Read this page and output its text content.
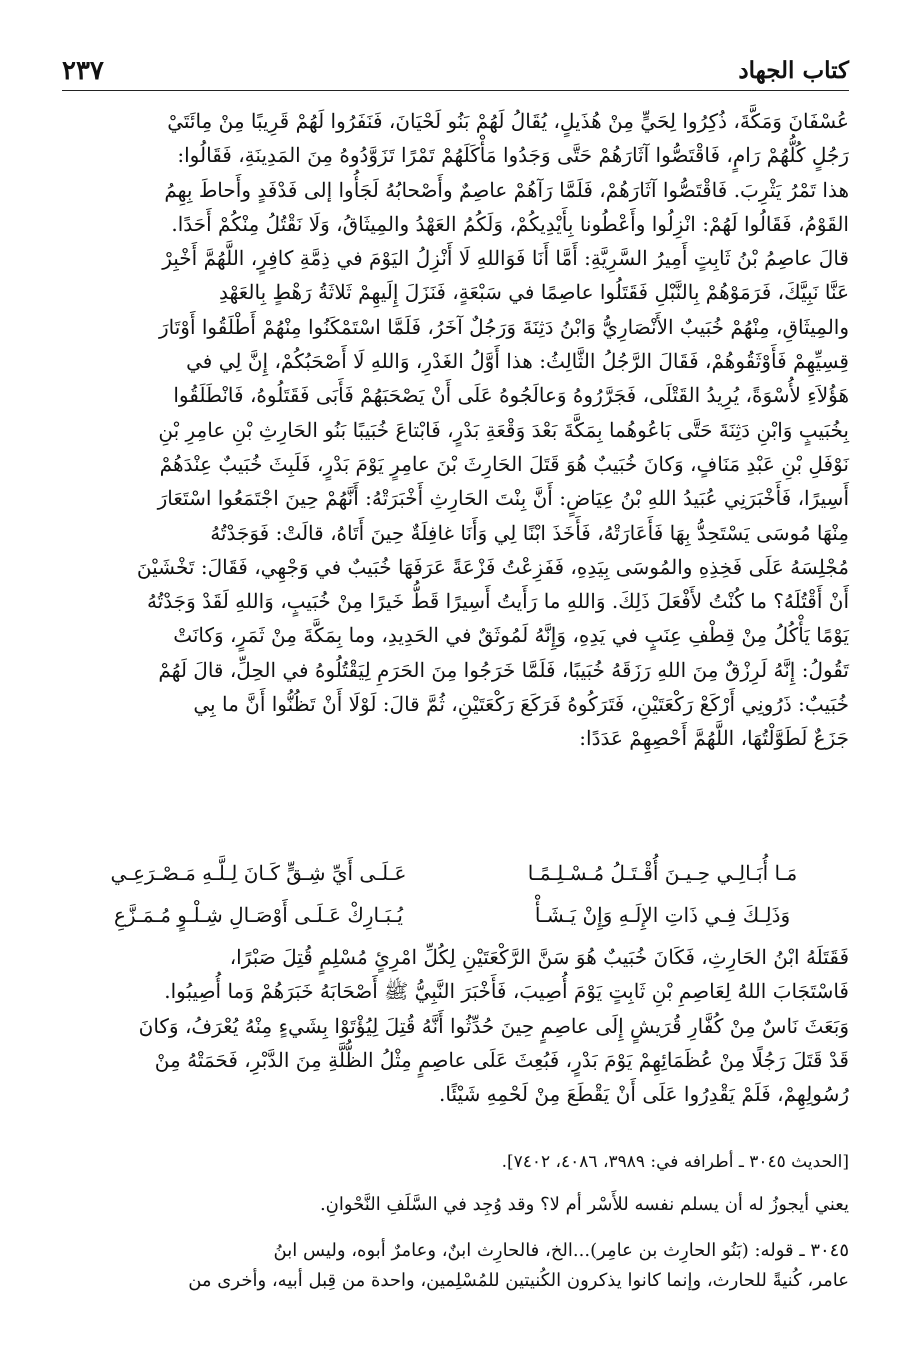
كتاب الجهاد
٢٣٧

عُسْفَانَ وَمَكَّةَ، ذُكِرُوا لِحَيٍّ مِنْ هُذَيلٍ، يُقَالُ لَهُمْ بَنُو لَحْيَانَ، فَنَفَرُوا لَهُمْ قَرِيبًا مِنْ مِائَتَيْ

رَجُلٍ كُلُّهُمْ رَامٍ، فَاقْتَصُّوا آثَارَهُمْ حَتَّى وَجَدُوا مَأْكَلَهُمْ تَمْرًا تَزَوَّدُوهُ مِنَ المَدِينَةِ، فَقَالُوا:

هذا تَمْرُ يَثْرِبَ. فَاقْتَصُّوا آثَارَهُمْ، فَلَمَّا رَآهُمْ عاصِمٌ وأَصْحابُهُ لَجَأُوا إلى فَدْفَدٍ وأَحاطَ بِهِمُ

القَوْمُ، فَقَالُوا لَهُمْ: انْزِلُوا وأَعْطُونا بِأَيْدِيكُمْ، وَلَكُمُ العَهْدُ والمِيثَاقُ، وَلَا نَقْتُلُ مِنْكُمْ أَحَدًا.

قالَ عاصِمُ بْنُ ثَابِتٍ أَمِيرُ السَّرِيَّةِ: أَمَّا أَنَا فَوَاللهِ لَا أَنْزِلُ اليَوْمَ في ذِمَّةِ كافِرٍ، اللَّهُمَّ أَخْبِرْ

عَنَّا نَبِيَّكَ، فَرَمَوْهُمْ بِالنَّبْلِ فَقَتَلُوا عاصِمًا في سَبْعَةٍ، فَنَزَلَ إِلَيهِمْ ثَلاثَةُ رَهْطٍ بِالعَهْدِ

والمِيثَاقِ، مِنْهُمْ خُبَيبٌ الأَنْصَارِيُّ وَابْنُ دَثِنَةَ وَرَجُلٌ آخَرُ، فَلَمَّا اسْتَمْكَنُوا مِنْهُمْ أَطْلَقُوا أَوْتَارَ

قِسِيِّهِمْ فَأَوْثَقُوهُمْ، فَقَالَ الرَّجُلُ الثَّالِثُ: هذا أَوَّلُ الغَدْرِ، وَاللهِ لَا أَصْحَبُكُمْ، إِنَّ لِي في

هَؤُلاَءِ لأُسْوَةً، يُرِيدُ القَتْلَى، فَجَرَّرُوهُ وَعالَجُوهُ عَلَى أَنْ يَصْحَبَهُمْ فَأَبَى فَقَتَلُوهُ، فَانْطَلَقُوا

بِخُبَيبٍ وَابْنِ دَثِنَةَ حَتَّى بَاعُوهُما بِمَكَّةَ بَعْدَ وَقْعَةِ بَدْرٍ، فَابْتاعَ خُبَيبًا بَنُو الحَارِثِ بْنِ عامِرِ بْنِ

نَوْفَلِ بْنِ عَبْدِ مَنَافٍ، وَكانَ خُبَيبٌ هُوَ قَتَلَ الحَارِثَ بْنَ عامِرٍ يَوْمَ بَدْرٍ، فَلَبِثَ خُبَيبٌ عِنْدَهُمْ

أَسِيرًا، فَأَخْبَرَنِي عُبَيدُ اللهِ بْنُ عِيَاضٍ: أَنَّ بِنْتَ الحَارِثِ أَخْبَرَتْهُ: أَنَّهُمْ حِينَ اجْتَمَعُوا اسْتَعَارَ

مِنْهَا مُوسَى يَسْتَحِدُّ بِهَا فَأَعَارَتْهُ، فَأَخَذَ ابْنًا لِي وَأَنَا غافِلَةٌ حِينَ أَتَاهُ، قالَتْ: فَوَجَدْتُهُ

مُجْلِسَهُ عَلَى فَخِذِهِ والمُوسَى بِيَدِهِ، فَفَزِعْتُ فَزْعَةً عَرَفَهَا خُبَيبٌ في وَجْهِي، فَقَالَ: تَخْشَيْنَ

أَنْ أَقْتُلَهُ؟ ما كُنْتُ لأَفْعَلَ ذَلِكَ. وَاللهِ ما رَأَيتُ أَسِيرًا قَطُّ خَيرًا مِنْ خُبَيبٍ، وَاللهِ لَقَدْ وَجَدْتُهُ

يَوْمًا يَأْكُلُ مِنْ قِطْفِ عِنَبٍ في يَدِهِ، وَإِنَّهُ لَمُوثَقٌ في الحَدِيدِ، وما بِمَكَّةَ مِنْ ثَمَرٍ، وَكانَتْ

تَقُولُ: إِنَّهُ لَرِزْقٌ مِنَ اللهِ رَزَقَهُ خُبَيبًا، فَلَمَّا خَرَجُوا مِنَ الحَرَمِ لِيَقْتُلُوهُ في الحِلِّ، قالَ لَهُمْ

خُبَيبٌ: ذَرُونِي أَرْكَعْ رَكْعَتَيْنِ، فَتَرَكُوهُ فَرَكَعَ رَكْعَتَيْنِ، ثُمَّ قالَ: لَوْلَا أَنْ تَظُنُّوا أَنَّ ما بِي

جَزَعٌ لَطَوَّلْتُهَا، اللَّهُمَّ أَحْصِهِمْ عَدَدًا:

مَـا أُبَـالِـي حِـيـنَ أُقْـتَـلُ مُـسْـلِـمًـا
عَـلَـى أَيِّ شِـقٍّ كَـانَ لِـلَّـهِ مَـصْـرَعِـي
وَذَلِـكَ فِـي ذَاتِ الإِلَـهِ وَإِنْ يَـشَـأْ
يُـبَـارِكْ عَـلَـى أَوْصَـالِ شِـلْـوٍ مُـمَـزَّعِ

فَقَتَلَهُ ابْنُ الحَارِثِ، فَكَانَ خُبَيبٌ هُوَ سَنَّ الرَّكْعَتَيْنِ لِكُلِّ امْرِئٍ مُسْلِمٍ قُتِلَ صَبْرًا،

فَاسْتَجَابَ اللهُ لِعَاصِمِ بْنِ ثَابِتٍ يَوْمَ أُصِيبَ، فَأَخْبَرَ النَّبِيُّ ﷺ أَصْحَابَهُ خَبَرَهُمْ وَما أُصِيبُوا.

وَبَعَثَ نَاسٌ مِنْ كُفَّارِ قُرَيشٍ إِلَى عاصِمٍ حِينَ حُدِّثُوا أَنَّهُ قُتِلَ لِيُؤْتَوْا بِشَيءٍ مِنْهُ يُعْرَفُ، وَكانَ

قَدْ قَتَلَ رَجُلًا مِنْ عُظَمَائِهِمْ يَوْمَ بَدْرٍ، فَبُعِثَ عَلَى عاصِمٍ مِثْلُ الظُّلَّةِ مِنَ الدَّبْرِ، فَحَمَتْهُ مِنْ

رُسُولِهِمْ، فَلَمْ يَقْدِرُوا عَلَى أَنْ يَقْطَعَ مِنْ لَحْمِهِ شَيْئًا.

[الحديث ٣٠٤٥ ـ أطرافه في: ٣٩٨٩، ٤٠٨٦، ٧٤٠٢].
يعني أيجوزُ له أن يسلم نفسه للأَسْر أم لا؟ وقد وُجِد في السَّلَفِ النَّحْوانِ.

٣٠٤٥ ـ قوله: (بَنُو الحارِث بن عامِر)...الخ، فالحارِث ابنٌ، وعامرٌ أبوه، وليس ابنُ

عامر، كُنيةً للحارث، وإنما كانوا يذكرون الكُنيتين للمُسْلِمين، واحدة من قِبل أبيه، وأخرى من
